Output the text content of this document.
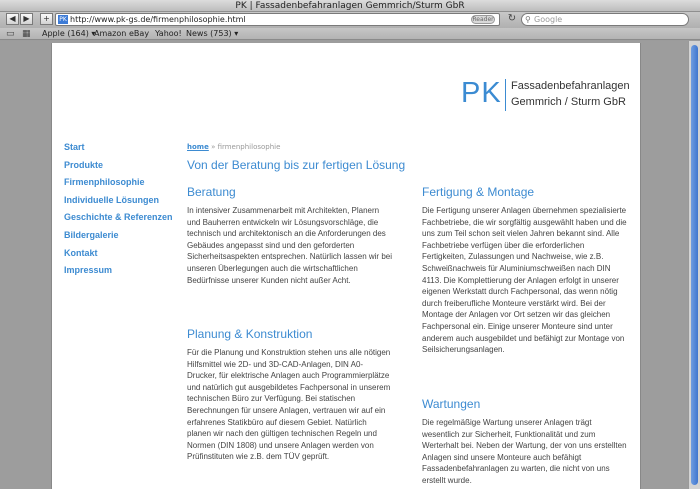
PK | Fassadenbefahranlagen Gemmrich/Sturm GbR
◀ ▶	+	PK http://www.pk-gs.de/firmenphilosophie.html	Reader ↻ ⚲ Google
▭ ▦ Apple (164) ▾
Amazon eBay Yahoo! News (753) ▾
PK Fassadenbefahranlagen
Gemmrich / Sturm GbR
Start
Produkte
Firmenphilosophie
Individuelle Lösungen
Geschichte & Referenzen
Bildergalerie
Kontakt
Impressum
home » firmenphilosophie
Von der Beratung bis zur fertigen Lösung
Beratung
In intensiver Zusammenarbeit mit Architekten, Planern und Bauherren entwickeln wir Lösungsvorschläge, die technisch und architektonisch an die Anforderungen des Gebäudes angepasst sind und den geforderten Sicherheitsaspekten entsprechen. Natürlich lassen wir bei unseren Überlegungen auch die wirtschaftlichen Bedürfnisse unserer Kunden nicht außer Acht.
Planung & Konstruktion
Für die Planung und Konstruktion stehen uns alle nötigen Hilfsmittel wie 2D- und 3D-CAD-Anlagen, DIN A0-Drucker, für elektrische Anlagen auch Programmierplätze und natürlich gut ausgebildetes Fachpersonal in unserem technischen Büro zur Verfügung. Bei statischen Berechnungen für unsere Anlagen, vertrauen wir auf ein erfahrenes Statikbüro auf diesem Gebiet. Natürlich planen wir nach den gültigen technischen Regeln und Normen (DIN 1808) und unsere Anlagen werden von Prüfinstituten wie z.B. dem TÜV geprüft.
Fertigung & Montage
Die Fertigung unserer Anlagen übernehmen spezialisierte Fachbetriebe, die wir sorgfältig ausgewählt haben und die uns zum Teil schon seit vielen Jahren bekannt sind. Alle Fachbetriebe verfügen über die erforderlichen Fertigkeiten, Zulassungen und Nachweise, wie z.B. Schweißnachweis für Aluminiumschweißen nach DIN 4113. Die Komplettierung der Anlagen erfolgt in unserer eigenen Werkstatt durch Fachpersonal, das wenn nötig durch freiberufliche Monteure verstärkt wird. Bei der Montage der Anlagen vor Ort setzen wir das gleichen Fachpersonal ein. Einige unserer Monteure sind unter anderem auch ausgebildet und befähigt zur Montage von Seilsicherungsanlagen.
Wartungen
Die regelmäßige Wartung unserer Anlagen trägt wesentlich zur Sicherheit, Funktionalität und zum Werterhalt bei. Neben der Wartung, der von uns erstellten Anlagen sind unsere Monteure auch befähigt Fassadenbefahranlagen zu warten, die nicht von uns erstellt wurde.
